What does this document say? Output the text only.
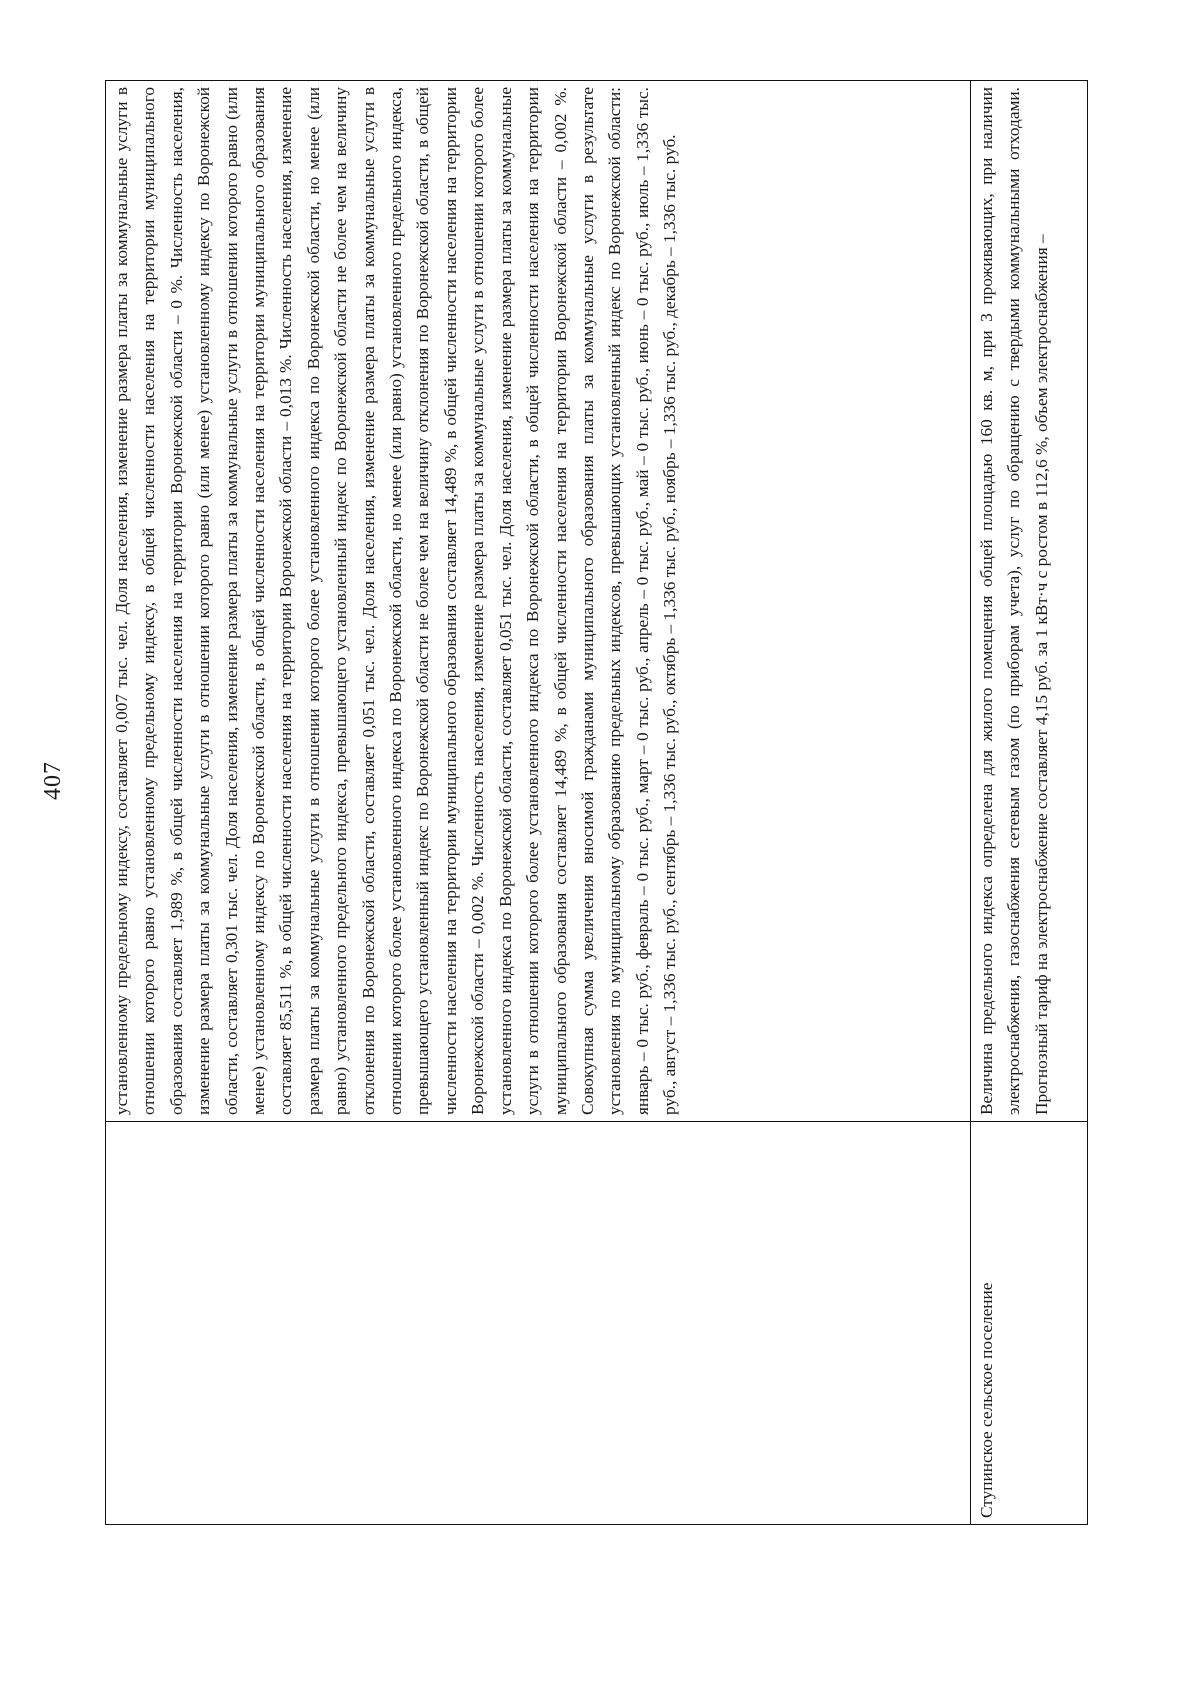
407

	установленному предельному индексу, составляет 0,007 тыс. чел. Доля населения, изменение размера платы за коммунальные услуги в отношении которого равно установленному предельному индексу, в общей численности населения на территории муниципального образования составляет 1,989 %, в общей численности населения на территории Воронежской области – 0 %. Численность населения, изменение размера платы за коммунальные услуги в отношении которого равно (или менее) установленному индексу по Воронежской области, составляет 0,301 тыс. чел. Доля населения, изменение размера платы за коммунальные услуги в отношении которого равно (или менее) установленному индексу по Воронежской области, в общей численности населения на территории муниципального образования составляет 85,511 %, в общей численности населения на территории Воронежской области – 0,013 %. Численность населения, изменение размера платы за коммунальные услуги в отношении которого более установленного индекса по Воронежской области, но менее (или равно) установленного предельного индекса, превышающего установленный индекс по Воронежской области не более чем на величину отклонения по Воронежской области, составляет 0,051 тыс. чел. Доля населения, изменение размера платы за коммунальные услуги в отношении которого более установленного индекса по Воронежской области, но менее (или равно) установленного предельного индекса, превышающего установленный индекс по Воронежской области не более чем на величину отклонения по Воронежской области, в общей численности населения на территории муниципального образования составляет 14,489 %, в общей численности населения на территории Воронежской области – 0,002 %. Численность населения, изменение размера платы за коммунальные услуги в отношении которого более установленного индекса по Воронежской области, составляет 0,051 тыс. чел. Доля населения, изменение размера платы за коммунальные услуги в отношении которого более установленного индекса по Воронежской области, в общей численности населения на территории муниципального образования составляет 14,489 %, в общей численности населения на территории Воронежской области – 0,002 %. Совокупная сумма увеличения вносимой гражданами муниципального образования платы за коммунальные услуги в результате установления по муниципальному образованию предельных индексов, превышающих установленный индекс по Воронежской области: январь – 0 тыс. руб., февраль – 0 тыс. руб., март – 0 тыс. руб., апрель – 0 тыс. руб., май – 0 тыс. руб., июнь – 0 тыс. руб., июль – 1,336 тыс. руб., август – 1,336 тыс. руб., сентябрь – 1,336 тыс. руб., октябрь – 1,336 тыс. руб., ноябрь – 1,336 тыс. руб., декабрь – 1,336 тыс. руб.

Ступинское сельское поселение	Величина предельного индекса определена для жилого помещения общей площадью 160 кв. м, при 3 проживающих, при наличии электроснабжения, газоснабжения сетевым газом (по приборам учета), услуг по обращению с твердыми коммунальными отходами. Прогнозный тариф на электроснабжение составляет 4,15 руб. за 1 кВт·ч с ростом в 112,6 %, объем электроснабжения –
